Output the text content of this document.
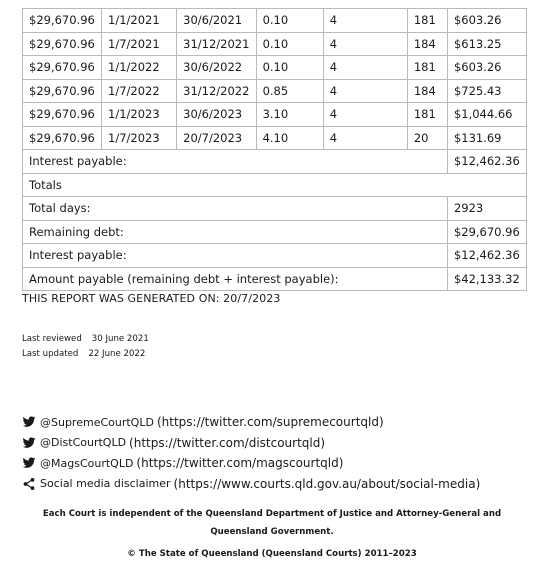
$29,670.96	1/1/2021	30/6/2021	0.10	4	181	$603.26
$29,670.96	1/7/2021	31/12/2021	0.10	4	184	$613.25
$29,670.96	1/1/2022	30/6/2022	0.10	4	181	$603.26
$29,670.96	1/7/2022	31/12/2022	0.85	4	184	$725.43
$29,670.96	1/1/2023	30/6/2023	3.10	4	181	$1,044.66
$29,670.96	1/7/2023	20/7/2023	4.10	4	20	$131.69
Interest payable:						$12,462.36
Totals						
Total days:						2923
Remaining debt:						$29,670.96
Interest payable:						$12,462.36
Amount payable (remaining debt + interest payable):						$42,133.32
THIS REPORT WAS GENERATED ON: 20/7/2023
Last reviewed 30 June 2021
Last updated 22 June 2022
@SupremeCourtQLD (https://twitter.com/supremecourtqld)
@DistCourtQLD (https://twitter.com/distcourtqld)
@MagsCourtQLD (https://twitter.com/magscourtqld)
Social media disclaimer (https://www.courts.qld.gov.au/about/social-media)
Each Court is independent of the Queensland Department of Justice and Attorney-General and Queensland Government.
© The State of Queensland (Queensland Courts) 2011–2023
